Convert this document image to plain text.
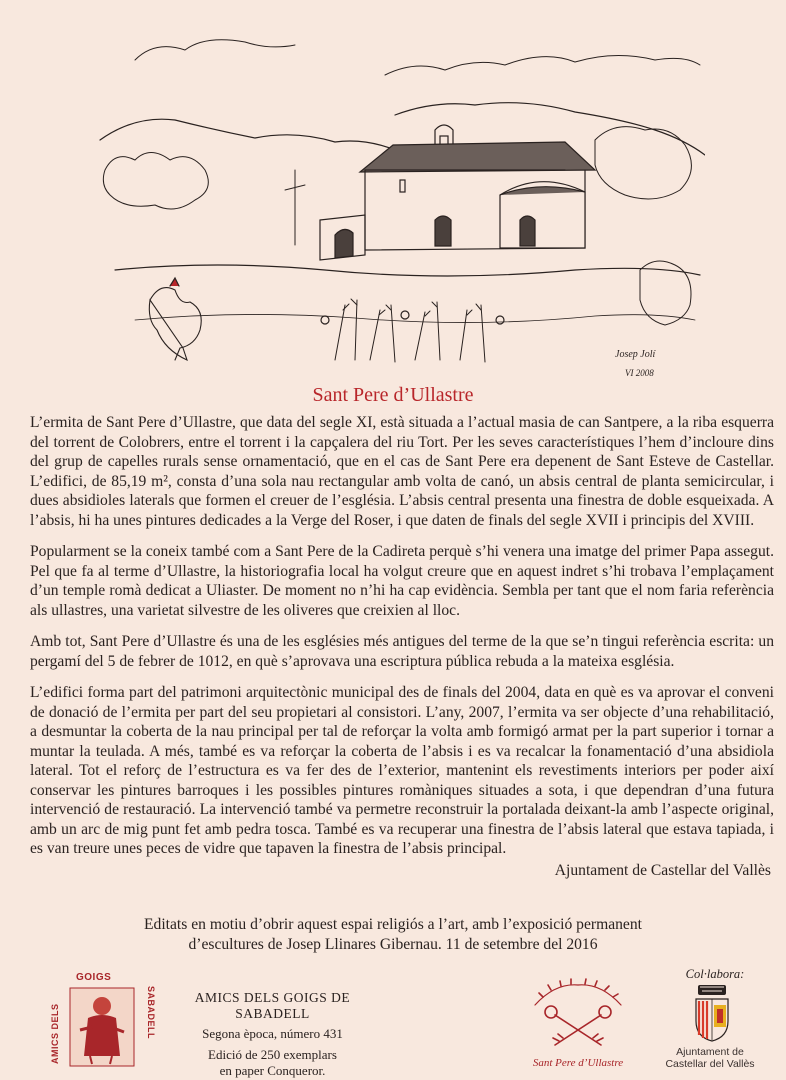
Josep Jolí
VI 2008
Sant Pere d’Ullastre

L’ermita de Sant Pere d’Ullastre, que data del segle XI, està situada a l’actual masia de can Santpere, a la riba esquerra del torrent de Colobrers, entre el torrent i la capçalera del riu Tort. Per les seves característiques l’hem d’incloure dins del grup de capelles rurals sense ornamentació, que en el cas de Sant Pere era depenent de Sant Esteve de Castellar. L’edifici, de 85,19 m², consta d’una sola nau rectangular amb volta de canó, un absis central de planta semicircular, i dues absidioles laterals que formen el creuer de l’església. L’absis central presenta una finestra de doble esqueixada. A l’absis, hi ha unes pintures dedicades a la Verge del Roser, i que daten de finals del segle XVII i principis del XVIII.

Popularment se la coneix també com a Sant Pere de la Cadireta perquè s’hi venera una imatge del primer Papa assegut. Pel que fa al terme d’Ullastre, la historiografia local ha volgut creure que en aquest indret s’hi trobava l’emplaçament d’un temple romà dedicat a Uliaster. De moment no n’hi ha cap evidència. Sembla per tant que el nom faria referència als ullastres, una varietat silvestre de les oliveres que creixien al lloc.

Amb tot, Sant Pere d’Ullastre és una de les esglésies més antigues del terme de la que se’n tingui referència escrita: un pergamí del 5 de febrer de 1012, en què s’aprovava una escriptura pública rebuda a la mateixa església.

L’edifici forma part del patrimoni arquitectònic municipal des de finals del 2004, data en què es va aprovar el conveni de donació de l’ermita per part del seu propietari al consistori. L’any, 2007, l’ermita va ser objecte d’una rehabilitació, a desmuntar la coberta de la nau principal per tal de reforçar la volta amb formigó armat per la part superior i tornar a muntar la teulada. A més, també es va reforçar la coberta de l’absis i es va recalcar la fonamentació d’una absidiola lateral. Tot el reforç de l’estructura es va fer des de l’exterior, mantenint els revestiments interiors per poder així conservar les pintures barroques i les possibles pintures romàniques situades a sota, i que dependran d’una futura intervenció de restauració. La intervenció també va permetre reconstruir la portalada deixant-la amb l’aspecte original, amb un arc de mig punt fet amb pedra tosca. També es va recuperar una finestra de l’absis lateral que estava tapiada, i es van treure unes peces de vidre que tapaven la finestra de l’absis principal.

Ajuntament de Castellar del Vallès
Editats en motiu d’obrir aquest espai religiós a l’art, amb l’exposició permanent
d’escultures de Josep Llinares Gibernau. 11 de setembre del 2016
GOIGS
AMICS DELS	SABADELL	AMICS DELS GOIGS DE SABADELL
Segona època, número 431
Edició de 250 exemplars
en paper Conqueror.	Sant Pere d’Ullastre
Col·labora:
Ajuntament de
Castellar del Vallès
